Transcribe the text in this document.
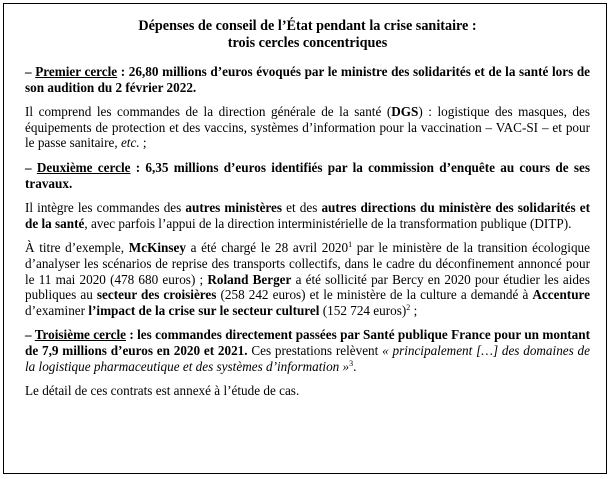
Dépenses de conseil de l’État pendant la crise sanitaire :
trois cercles concentriques

– Premier cercle : 26,80 millions d’euros évoqués par le ministre des solidarités et de la santé lors de son audition du 2 février 2022.

Il comprend les commandes de la direction générale de la santé (DGS) : logistique des masques, des équipements de protection et des vaccins, systèmes d’information pour la vaccination – VAC-SI – et pour le passe sanitaire, etc. ;

– Deuxième cercle : 6,35 millions d’euros identifiés par la commission d’enquête au cours de ses travaux.

Il intègre les commandes des autres ministères et des autres directions du ministère des solidarités et de la santé, avec parfois l’appui de la direction interministérielle de la transformation publique (DITP).

À titre d’exemple, McKinsey a été chargé le 28 avril 2020$^1$ par le ministère de la transition écologique d’analyser les scénarios de reprise des transports collectifs, dans le cadre du déconfinement annoncé pour le 11 mai 2020 (478 680 euros) ; Roland Berger a été sollicité par Bercy en 2020 pour étudier les aides publiques au secteur des croisières (258 242 euros) et le ministère de la culture a demandé à Accenture d’examiner l’impact de la crise sur le secteur culturel (152 724 euros)$^2$ ;

– Troisième cercle : les commandes directement passées par Santé publique France pour un montant de 7,9 millions d’euros en 2020 et 2021. Ces prestations relèvent « principalement […] des domaines de la logistique pharmaceutique et des systèmes d’information »$^3$.

Le détail de ces contrats est annexé à l’étude de cas.
